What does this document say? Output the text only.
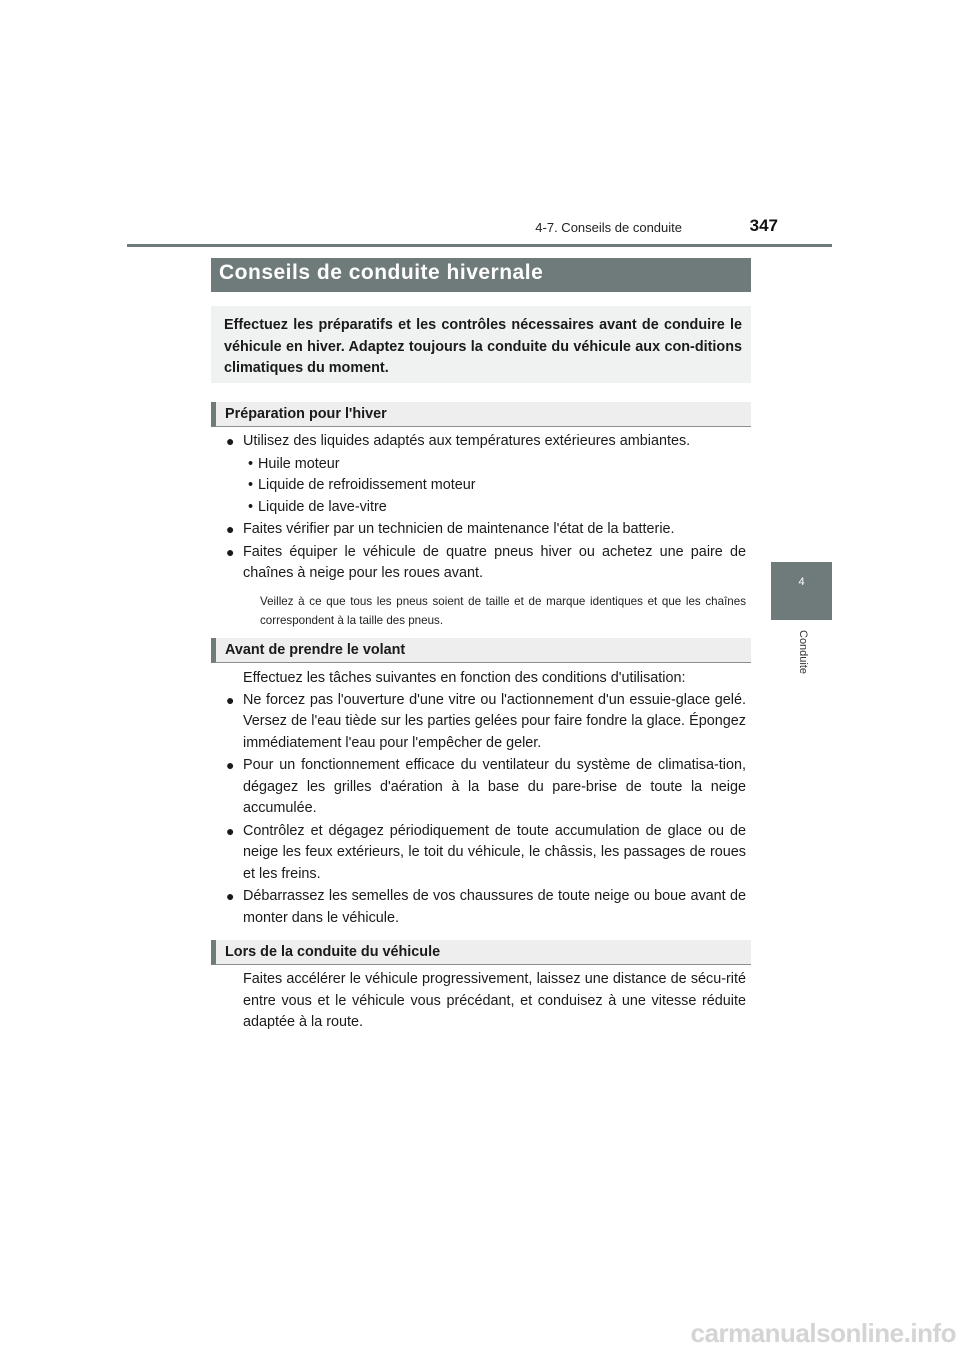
4-7. Conseils de conduite	347
4
Conduite
Conseils de conduite hivernale
Effectuez les préparatifs et les contrôles nécessaires avant de conduire le véhicule en hiver. Adaptez toujours la conduite du véhicule aux con-ditions climatiques du moment.
Préparation pour l'hiver
● Utilisez des liquides adaptés aux températures extérieures ambiantes.
• Huile moteur
• Liquide de refroidissement moteur
• Liquide de lave-vitre
● Faites vérifier par un technicien de maintenance l'état de la batterie.
● Faites équiper le véhicule de quatre pneus hiver ou achetez une paire de chaînes à neige pour les roues avant.
Veillez à ce que tous les pneus soient de taille et de marque identiques et que les chaînes correspondent à la taille des pneus.
Avant de prendre le volant
Effectuez les tâches suivantes en fonction des conditions d'utilisation:
● Ne forcez pas l'ouverture d'une vitre ou l'actionnement d'un essuie-glace gelé. Versez de l'eau tiède sur les parties gelées pour faire fondre la glace. Épongez immédiatement l'eau pour l'empêcher de geler.
● Pour un fonctionnement efficace du ventilateur du système de climatisa-tion, dégagez les grilles d'aération à la base du pare-brise de toute la neige accumulée.
● Contrôlez et dégagez périodiquement de toute accumulation de glace ou de neige les feux extérieurs, le toit du véhicule, le châssis, les passages de roues et les freins.
● Débarrassez les semelles de vos chaussures de toute neige ou boue avant de monter dans le véhicule.
Lors de la conduite du véhicule
Faites accélérer le véhicule progressivement, laissez une distance de sécu-rité entre vous et le véhicule vous précédant, et conduisez à une vitesse réduite adaptée à la route.
carmanualsonline.info
